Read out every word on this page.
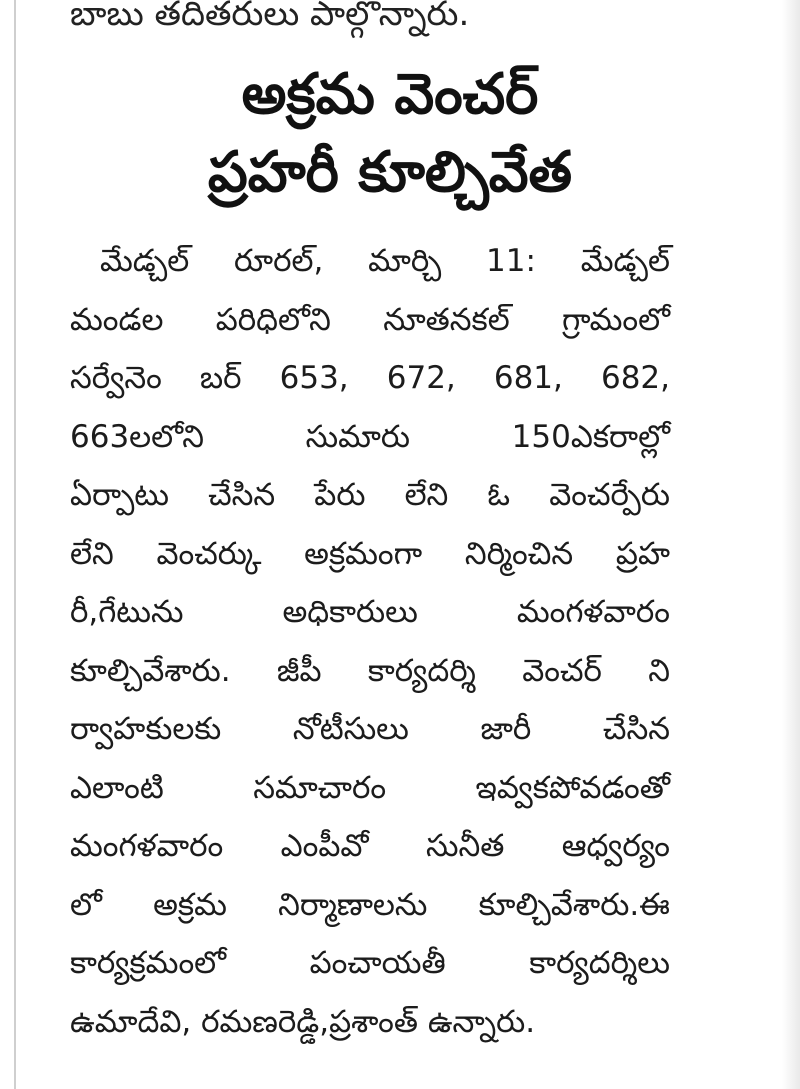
బాబు తదితరులు పాల్గొన్నారు.
అక్రమ వెంచర్
ప్రహరీ కూల్చివేత
మేడ్చల్ రూరల్, మార్చి 11: మేడ్చల్
మండల పరిధిలోని నూతనకల్ గ్రామంలో
సర్వేనెం బర్ 653, 672, 681, 682,
663లలోని సుమారు 150ఎకరాల్లో
ఏర్పాటు చేసిన పేరు లేని ఓ వెంచర్పేరు
లేని వెంచర్కు అక్రమంగా నిర్మించిన ప్రహ
రీ,గేటును అధికారులు మంగళవారం
కూల్చివేశారు. జీపీ కార్యదర్శి వెంచర్ ని
ర్వాహకులకు నోటీసులు జారీ చేసిన
ఎలాంటి సమాచారం ఇవ్వకపోవడంతో
మంగళవారం ఎంపీవో సునీత ఆధ్వర్యం
లో అక్రమ నిర్మాణాలను కూల్చివేశారు.ఈ
కార్యక్రమంలో పంచాయతీ కార్యదర్శిలు
ఉమాదేవి, రమణరెడ్డి,ప్రశాంత్ ఉన్నారు.
